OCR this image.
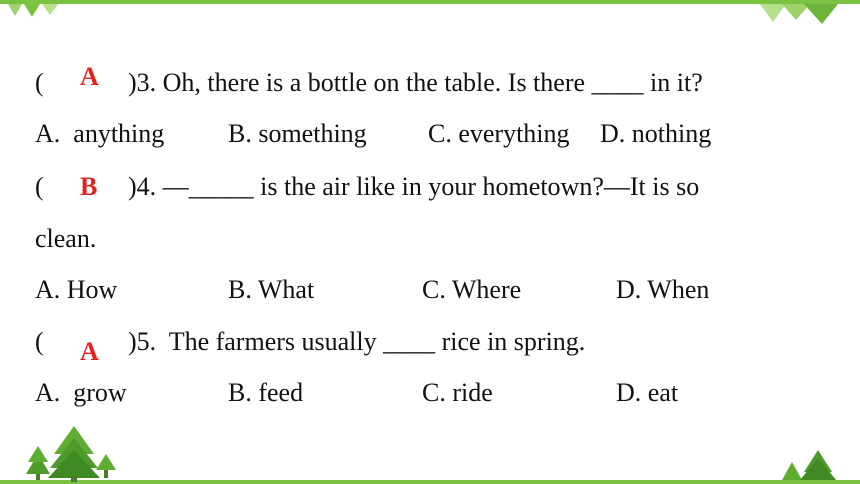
( A )3. Oh, there is a bottle on the table. Is there ____ in it?
A.  anything B. something C. everything D. nothing
( B )4. —_____ is the air like in your hometown?—It is so
clean.
A. How	B. What	C. Where	D. When
( A )5.  The farmers usually ____ rice in spring.
A.  grow	B. feed	C. ride	D. eat
